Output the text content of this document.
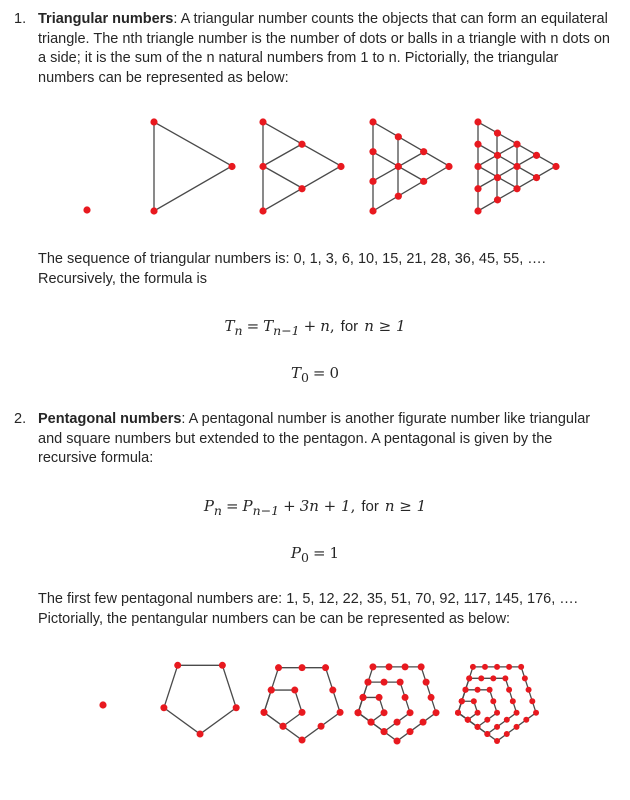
1. Triangular numbers: A triangular number counts the objects that can form an equilateral triangle. The nth triangle number is the number of dots or balls in a triangle with n dots on a side; it is the sum of the n natural numbers from 1 to n. Pictorially, the triangular numbers can be represented as below:
The sequence of triangular numbers is: 0, 1, 3, 6, 10, 15, 21, 28, 36, 45, 55, ….
Recursively, the formula is
$T_n = T_{n-1} + n$, for n ≥ 1
$T_0 = 0$
2. Pentagonal numbers: A pentagonal number is another figurate number like triangular and square numbers but extended to the pentagon. A pentagonal is given by the recursive formula:
$P_n = P_{n-1} + 3n + 1$, for n ≥ 1
$P_0 = 1$
The first few pentagonal numbers are: 1, 5, 12, 22, 35, 51, 70, 92, 117, 145, 176, ….
Pictorially, the pentangular numbers can be can be represented as below:
